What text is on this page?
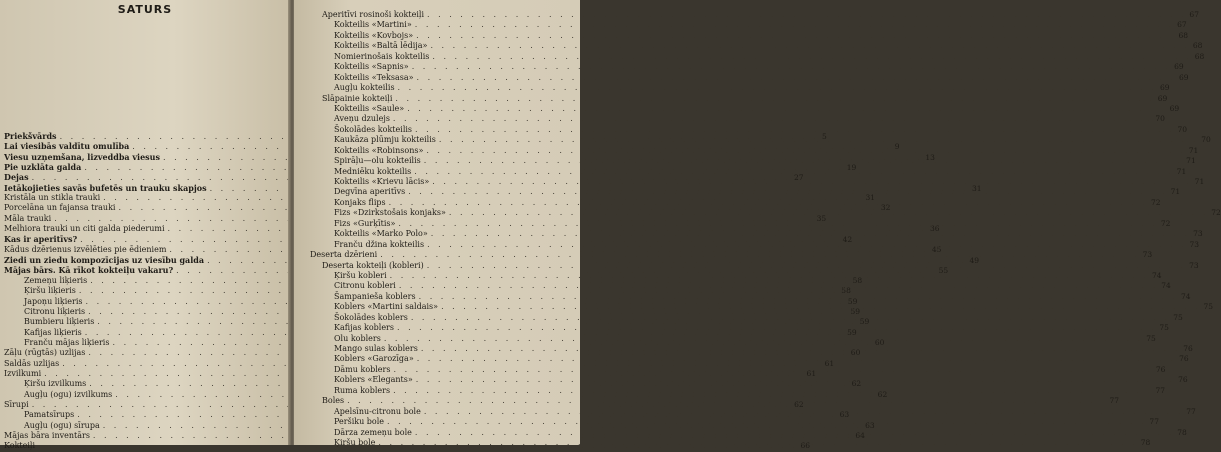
SATURS
Priekšvārds . . .	5
Lai viesibās valdītu omulība . . .	9
Viesu uzņemšana, lizveddba viesus . . .	13
Pie uzklāta galda . . .	19
Dejas . . .	27
Ietākojieties savās bufetēs un trauku skapjos . . .	31
Kristāla un stikla trauki . . .	31
Porcelāna un fajansa trauki . . .	32
Māla trauki . . .	35
Melhiora trauki un citi galda piederumi . . .	36
Kas ir aperitīvs? . . .	42
Kādus dzērienus izvēlēties pie ēdieniem . . .	45
Ziedi un ziedu kompozīcijas uz viesību galda . . .	49
Mājas bārs. Kā rīkot kokteiļu vakaru? . . .	55
Zemeņu liķieris . . .	58
Ķiršu liķieris . . .	58
Japoņu liķieris . . .	59
Citronu liķieris . . .	59
Bumbieru liķieris . . .	59
Kafijas liķieris . . .	59
Franču mājas liķieris . . .	60
Zāļu (rūgtās) uzlijas . . .	60
Saldās uzlijas . . .	61
Izvilkumi . . .	61
Ķiršu izvilkums . . .	62
Augļu (ogu) izvilkums . . .	62
Sīrupi . . .	62
Pamatsīrups . . .	63
Augļu (ogu) sīrupa . . .	63
Mājas bāra inventārs . . .	64
Kokteiļi . . .	66
Aperitīvi rosinoši kokteiļi . . .	67
Kokteilis «Martini» . . .	67
Kokteilis «Kovbojs» . . .	68
Kokteilis «Baltā lēdija» . . .	68
Nomierinošais kokteilis . . .	68
Kokteilis «Sapnis» . . .	69
Kokteilis «Teksasa» . . .	69
Augļu kokteilis . . .	69
Slāpainie kokteiļi . . .	69
Kokteilis «Saule» . . .	69
Aveņu dzulejs . . .	70
Šokolādes kokteilis . . .	70
Kaukāza plūmju kokteilis . . .	70
Kokteilis «Robinsons» . . .	71
Spirāļu—olu kokteilis . . .	71
Medniēku kokteilis . . .	71
Kokteilis «Krievu lācis» . . .	71
Degvīna aperitīvs . . .	71
Konjaks flips . . .	72
Fizs «Dzirkstošais konjaks» . . .	72
Fizs «Gurķītis» . . .	72
Kokteilis «Marko Polo» . . .	73
Franču džina kokteilis . . .	73
Deserta dzērieni . . .	73
Deserta kokteiļi (kobleri) . . .	73
Ķiršu kobleri . . .	74
Citronu kobleri . . .	74
Šampanieša koblers . . .	74
Koblers «Martini saldais» . . .	75
Šokolādes koblers . . .	75
Kafijas koblers . . .	75
Olu koblers . . .	75
Mango sulas koblers . . .	76
Koblers «Garozīga» . . .	76
Dāmu koblers . . .	76
Koblers «Elegants» . . .	76
Ruma koblers . . .	77
Boles . . .	77
Apelsīnu-citronu bole . . .	77
Peršiku bole . . .	77
Dārza zemeņu bole . . .	78
Ķiršu bole . . .	78
